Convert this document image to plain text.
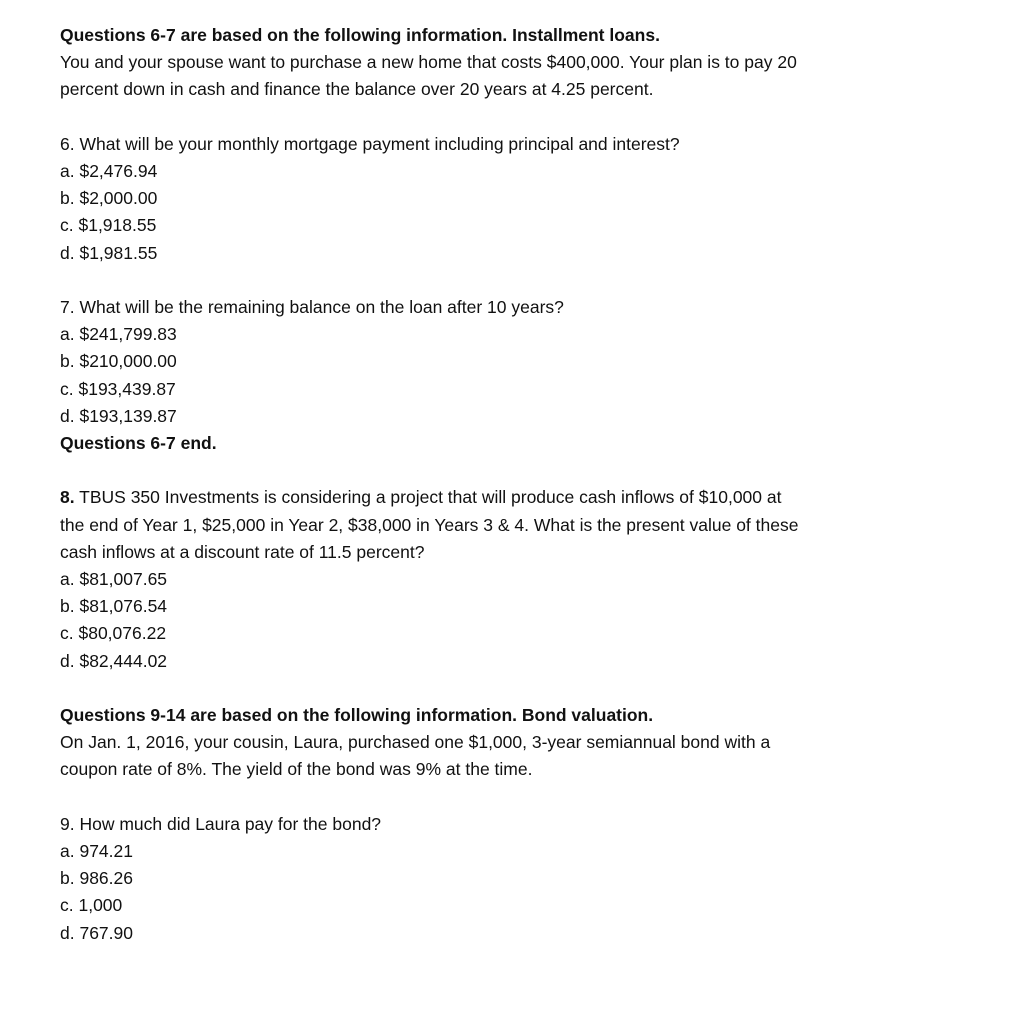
Questions 6-7 are based on the following information. Installment loans.
You and your spouse want to purchase a new home that costs $400,000. Your plan is to pay 20
percent down in cash and finance the balance over 20 years at 4.25 percent.
6. What will be your monthly mortgage payment including principal and interest?
a. $2,476.94
b. $2,000.00
c. $1,918.55
d. $1,981.55
7. What will be the remaining balance on the loan after 10 years?
a. $241,799.83
b. $210,000.00
c. $193,439.87
d. $193,139.87
Questions 6-7 end.
8. TBUS 350 Investments is considering a project that will produce cash inflows of $10,000 at
the end of Year 1, $25,000 in Year 2, $38,000 in Years 3 & 4. What is the present value of these
cash inflows at a discount rate of 11.5 percent?
a. $81,007.65
b. $81,076.54
c. $80,076.22
d. $82,444.02
Questions 9-14 are based on the following information. Bond valuation.
On Jan. 1, 2016, your cousin, Laura, purchased one $1,000, 3-year semiannual bond with a
coupon rate of 8%. The yield of the bond was 9% at the time.
9. How much did Laura pay for the bond?
a. 974.21
b. 986.26
c. 1,000
d. 767.90
